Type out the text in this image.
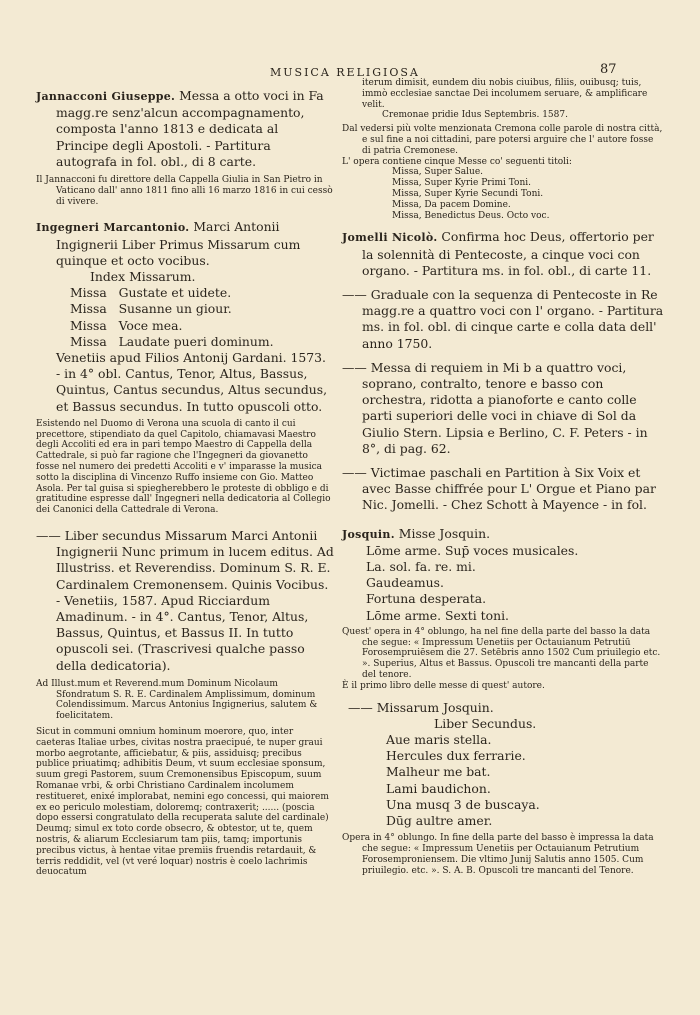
MUSICA RELIGIOSA	87

Jannacconi Giuseppe. Messa a otto voci in Fa magg.re senz'alcun accompagnamento, composta l'anno 1813 e dedicata al Principe degli Apostoli. - Partitura autografa in fol. obl., di 8 carte.

Il Jannacconi fu direttore della Cappella Giulia in San Pietro in Vaticano dall' anno 1811 fino alli 16 marzo 1816 in cui cessò di vivere.

Ingegneri Marcantonio. Marci Antonii Ingignerii Liber Primus Missarum cum quinque et octo vocibus.

Index Missarum.

Missa   Gustate et uidete.

Missa   Susanne un giour.

Missa   Voce mea.

Missa   Laudate pueri dominum.

Venetiis apud Filios Antonij Gardani. 1573. - in 4° obl. Cantus, Tenor, Altus, Bassus, Quintus, Cantus secundus, Altus secundus, et Bassus secundus. In tutto opuscoli otto.

Esistendo nel Duomo di Verona una scuola di canto il cui precettore, stipendiato da quel Capitolo, chiamavasi Maestro degli Accoliti ed era in pari tempo Maestro di Cappella della Cattedrale, si può far ragione che l'Ingegneri da giovanetto fosse nel numero dei predetti Accoliti e v' imparasse la musica sotto la disciplina di Vincenzo Ruffo insieme con Gio. Matteo Asola. Per tal guisa si spiegherebbero le proteste di obbligo e di gratitudine espresse dall' Ingegneri nella dedicatoria al Collegio dei Canonici della Cattedrale di Verona.

—— Liber secundus Missarum Marci Antonii Ingignerii Nunc primum in lucem editus. Ad Illustriss. et Reverendiss. Dominum S. R. E. Cardinalem Cremonensem. Quinis Vocibus. - Venetiis, 1587. Apud Ricciardum Amadinum. - in 4°. Cantus, Tenor, Altus, Bassus, Quintus, et Bassus II. In tutto opuscoli sei. (Trascrivesi qualche passo della dedicatoria).

Ad Illust.mum et Reverend.mum Dominum Nicolaum Sfondratum S. R. E. Cardinalem Amplissimum, dominum Colendissimum. Marcus Antonius Ingignerius, salutem & foelicitatem.

Sicut in communi omnium hominum moerore, quo, inter caeteras Italiae urbes, civitas nostra praecipué, te nuper graui morbo aegrotante, afficiebatur, & piis, assiduisq; precibus publice priuatimq; adhibitis Deum, vt suum ecclesiae sponsum, suum gregi Pastorem, suum Cremonensibus Episcopum, suum Romanae vrbi, & orbi Christiano Cardinalem incolumem restitueret, enixé implorabat, nemini ego concessi, qui maiorem ex eo periculo molestiam, doloremq; contraxerit; ...... (poscia dopo essersi congratulato della recuperata salute del cardinale) Deumq; simul ex toto corde obsecro, & obtestor, ut te, quem nostris, & aliarum Ecclesiarum tam piis, tamq; importunis precibus victus, à hentae vitae premiis fruendis retardauit, & terris reddidit, vel (vt veré loquar) nostris è coelo lachrimis deuocatum

iterum dimisit, eundem diu nobis ciuibus, filiis, ouibusq; tuis, immò ecclesiae sanctae Dei incolumem seruare, & amplificare velit.

Cremonae pridie Idus Septembris. 1587.

Dal vedersi più volte menzionata Cremona colle parole di nostra città, e sul fine a noi cittadini, pare potersi arguire che l' autore fosse di patria Cremonese.

L' opera contiene cinque Messe co' seguenti titoli:

Missa, Super Salue.

Missa, Super Kyrie Primi Toni.

Missa, Super Kyrie Secundi Toni.

Missa, Da pacem Domine.

Missa, Benedictus Deus. Octo voc.

Jomelli Nicolò. Confirma hoc Deus, offertorio per la solennità di Pentecoste, a cinque voci con organo. - Partitura ms. in fol. obl., di carte 11.

—— Graduale con la sequenza di Pentecoste in Re magg.re a quattro voci con l' organo. - Partitura ms. in fol. obl. di cinque carte e colla data dell' anno 1750.

—— Messa di requiem in Mi b a quattro voci, soprano, contralto, tenore e basso con orchestra, ridotta a pianoforte e canto colle parti superiori delle voci in chiave di Sol da Giulio Stern. Lipsia e Berlino, C. F. Peters - in 8°, di pag. 62.

—— Victimae paschali en Partition à Six Voix et avec Basse chiffrée pour L' Orgue et Piano par Nic. Jomelli. - Chez Schott à Mayence - in fol.

Josquin. Misse Josquin.

Lōme arme. Sup̄ voces musicales.

La. sol. fa. re. mi.

Gaudeamus.

Fortuna desperata.

Lōme arme. Sexti toni.

Quest' opera in 4° oblungo, ha nel fine della parte del basso la data che segue: « Impressum Uenetiis per Octauianum Petrutiū Forosempruiēsem die 27. Setēbris anno 1502 Cum priuilegio etc. ». Superius, Altus et Bassus. Opuscoli tre mancanti della parte del tenore.

È il primo libro delle messe di quest' autore.

—— Missarum Josquin.

Liber Secundus.

Aue maris stella.

Hercules dux ferrarie.

Malheur me bat.

Lami baudichon.

Una musq 3 de buscaya.

Dūg aultre amer.

Opera in 4° oblungo. In fine della parte del basso è impressa la data che segue: « Impressum Uenetiis per Octauianum Petrutium Forosemproniensem. Die vltimo Junij Salutis anno 1505. Cum priuilegio. etc. ». S. A. B. Opuscoli tre mancanti del Tenore.
